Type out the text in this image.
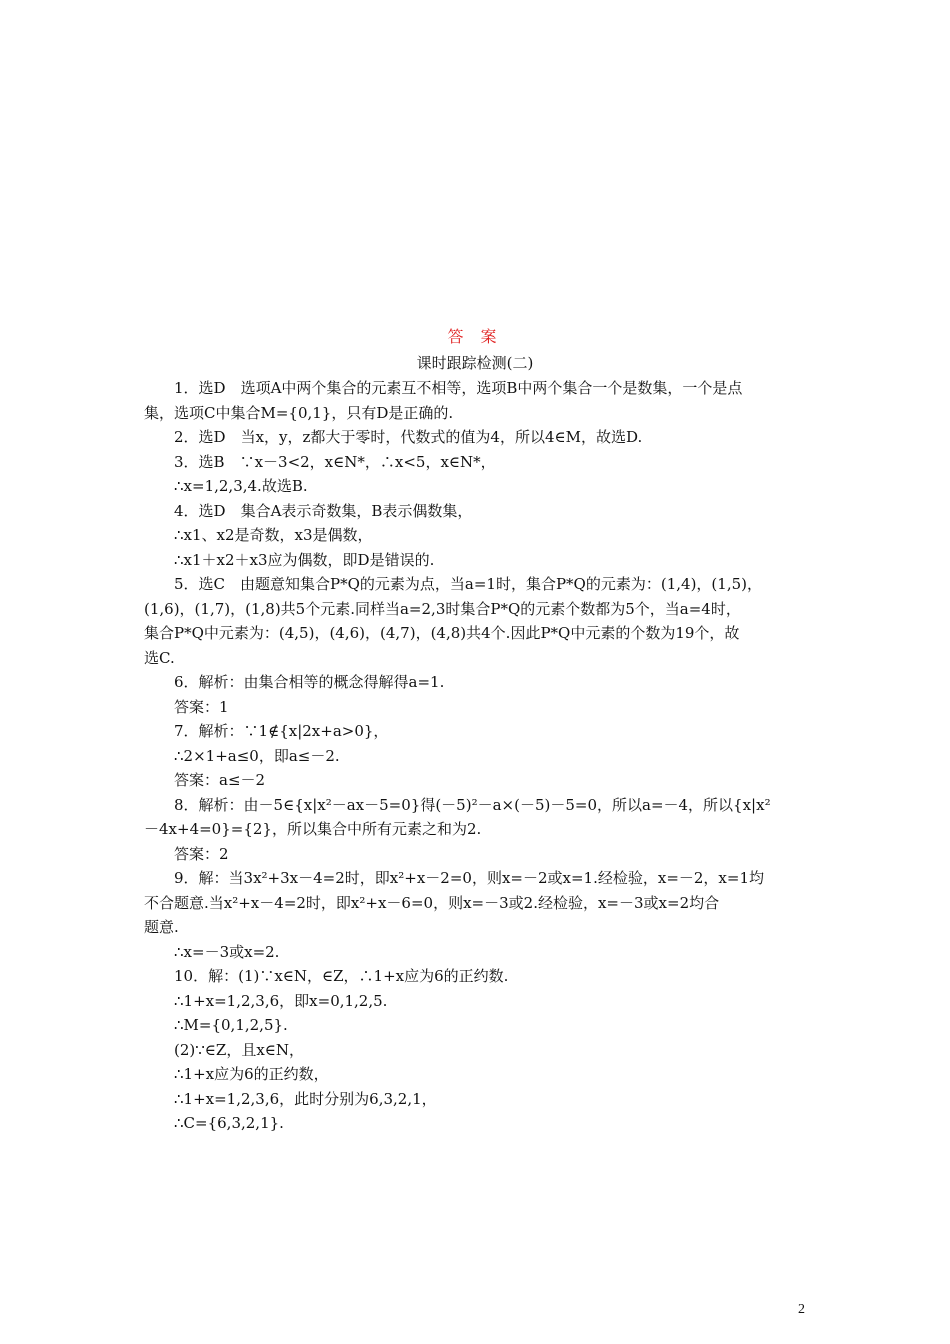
答 案
课时跟踪检测(二)
1．选D　选项A中两个集合的元素互不相等，选项B中两个集合一个是数集，一个是点
集，选项C中集合M={0,1}，只有D是正确的.
2．选D　当x，y，z都大于零时，代数式的值为4，所以4∈M，故选D.
3．选B　∵x－3<2，x∈N*，∴x<5，x∈N*，
∴x=1,2,3,4.故选B.
4．选D　集合A表示奇数集，B表示偶数集，
∴x1、x2是奇数，x3是偶数，
∴x1＋x2＋x3应为偶数，即D是错误的.
5．选C　由题意知集合P*Q的元素为点，当a=1时，集合P*Q的元素为：(1,4)，(1,5)，
(1,6)，(1,7)，(1,8)共5个元素.同样当a=2,3时集合P*Q的元素个数都为5个，当a=4时，
集合P*Q中元素为：(4,5)，(4,6)，(4,7)，(4,8)共4个.因此P*Q中元素的个数为19个，故
选C.
6．解析：由集合相等的概念得解得a=1.
答案：1
7．解析：∵1∉{x|2x+a>0}，
∴2×1+a≤0，即a≤－2.
答案：a≤－2
8．解析：由－5∈{x|x²－ax－5=0}得(－5)²－a×(－5)－5=0，所以a=－4，所以{x|x²
－4x+4=0}={2}，所以集合中所有元素之和为2.
答案：2
9．解：当3x²+3x－4=2时，即x²+x－2=0，则x=－2或x=1.经检验，x=－2，x=1均
不合题意.当x²+x－4=2时，即x²+x－6=0，则x=－3或2.经检验，x=－3或x=2均合
题意.
∴x=－3或x=2.
10．解：(1)∵x∈N，∈Z，∴1+x应为6的正约数.
∴1+x=1,2,3,6，即x=0,1,2,5.
∴M={0,1,2,5}.
(2)∵∈Z，且x∈N，
∴1+x应为6的正约数，
∴1+x=1,2,3,6，此时分别为6,3,2,1，
∴C={6,3,2,1}.
2
